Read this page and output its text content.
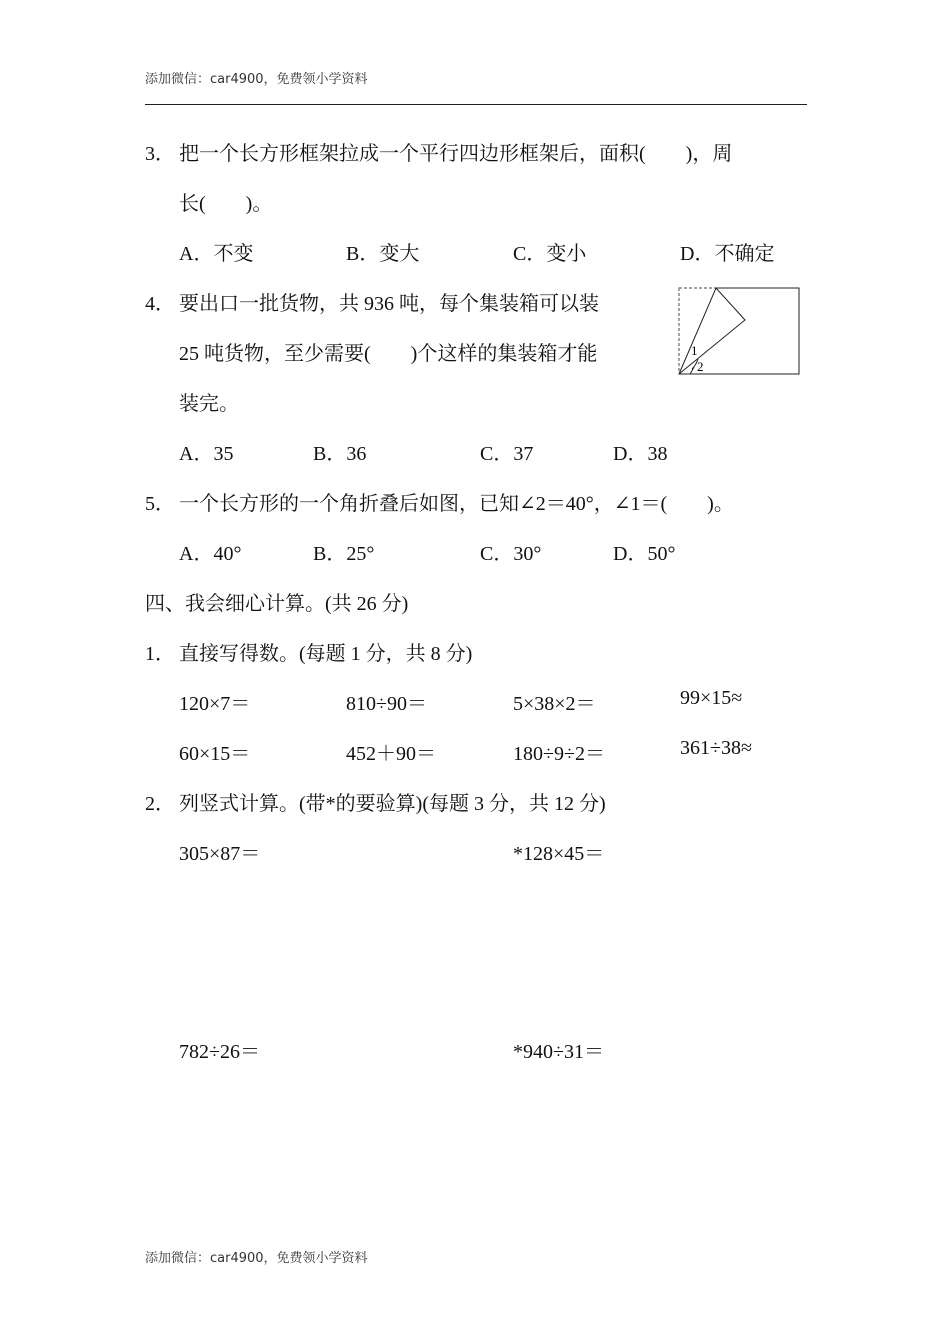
添加微信：car4900，免费领小学资料
3． 把一个长方形框架拉成一个平行四边形框架后，面积(　　)，周
长(　　)。
A．不变	B．变大	C．变小	D．不确定
4． 要出口一批货物，共 936 吨，每个集装箱可以装
25 吨货物，至少需要(　　)个这样的集装箱才能
装完。
A．35	B．36	C．37	D．38
1
2
5． 一个长方形的一个角折叠后如图，已知∠2＝40°，∠1＝(　　)。
A．40°	B．25°	C．30°	D．50°
四、我会细心计算。(共 26 分)
1． 直接写得数。(每题 1 分，共 8 分)
120×7＝	810÷90＝	5×38×2＝	99×15≈
60×15＝	452＋90＝	180÷9÷2＝	361÷38≈
2． 列竖式计算。(带*的要验算)(每题 3 分，共 12 分)
305×87＝	*128×45＝
782÷26＝	*940÷31＝
添加微信：car4900，免费领小学资料
